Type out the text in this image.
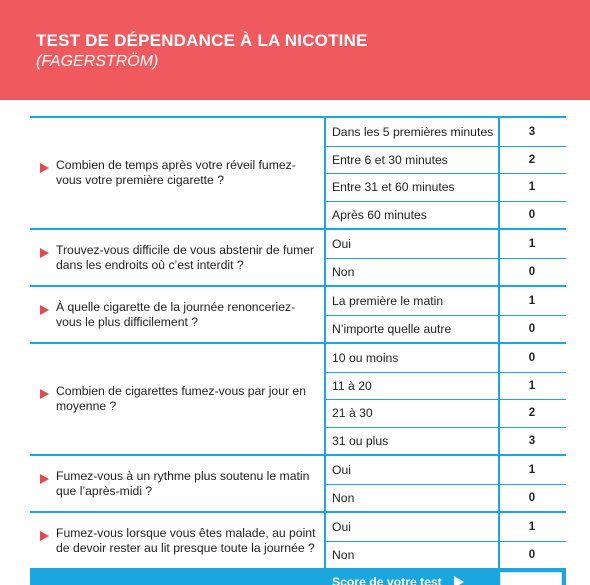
TEST DE DÉPENDANCE À LA NICOTINE
(FAGERSTRÖM)
Combien de temps après votre réveil fumez-vous votre première cigarette ?
Dans les 5 premières minutes	3
Entre 6 et 30 minutes	2
Entre 31 et 60 minutes	1
Après 60 minutes	0
Trouvez-vous difficile de vous abstenir de fumer dans les endroits où c’est interdit ?
Oui	1
Non	0
À quelle cigarette de la journée renonceriez-vous le plus difficilement ?
La première le matin	1
N’importe quelle autre	0
Combien de cigarettes fumez-vous par jour en moyenne ?
10 ou moins	0
11 à 20	1
21 à 30	2
31 ou plus	3
Fumez-vous à un rythme plus soutenu le matin que l’après-midi ?
Oui	1
Non	0
Fumez-vous lorsque vous êtes malade, au point de devoir rester au lit presque toute la journée ?
Oui	1
Non	0
Score de votre test
